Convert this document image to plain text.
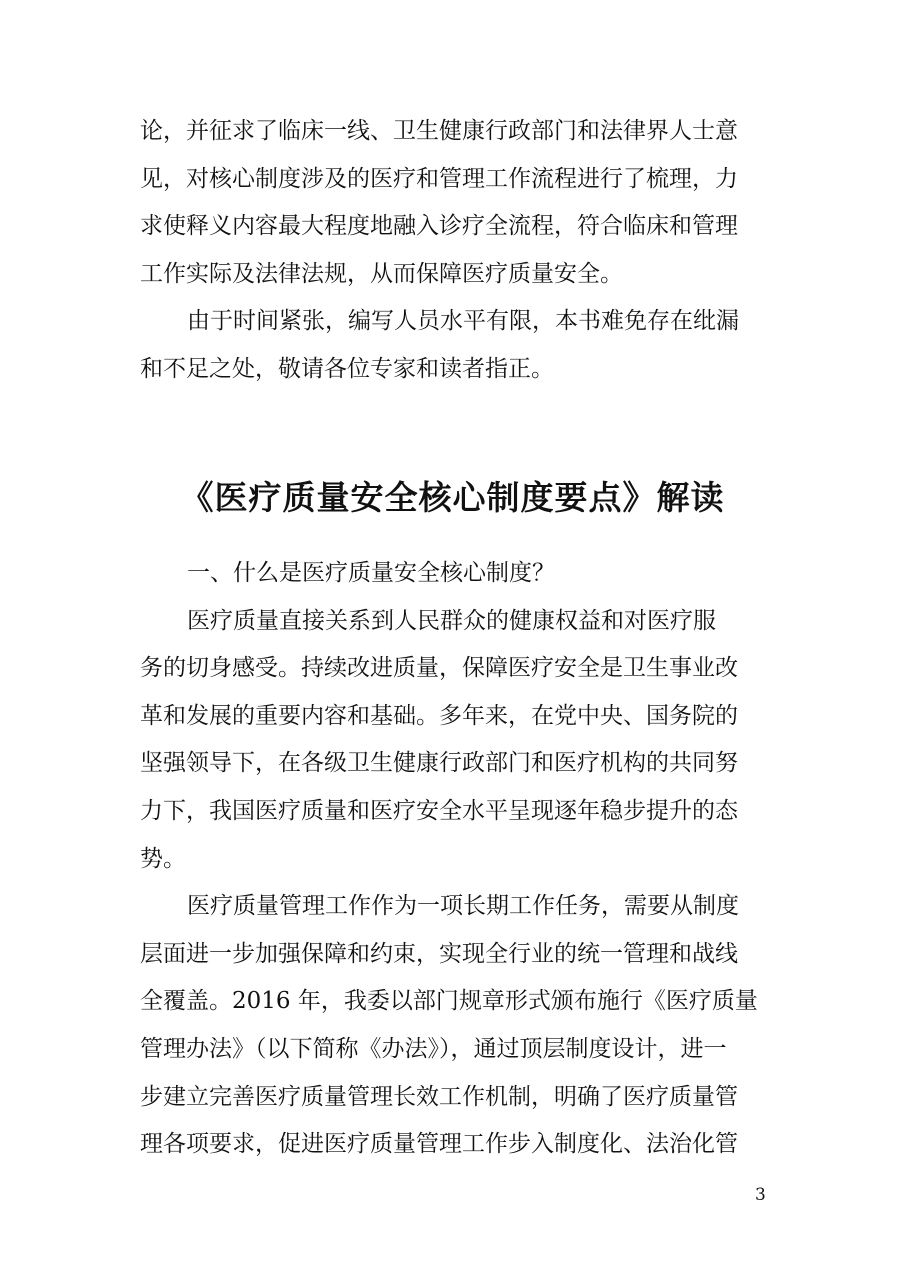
论，并征求了临床一线、卫生健康行政部门和法律界人士意
见，对核心制度涉及的医疗和管理工作流程进行了梳理，力
求使释义内容最大程度地融入诊疗全流程，符合临床和管理
工作实际及法律法规，从而保障医疗质量安全。
由于时间紧张，编写人员水平有限，本书难免存在纰漏
和不足之处，敬请各位专家和读者指正。
《医疗质量安全核心制度要点》解读
一、什么是医疗质量安全核心制度？
医疗质量直接关系到人民群众的健康权益和对医疗服
务的切身感受。持续改进质量，保障医疗安全是卫生事业改
革和发展的重要内容和基础。多年来，在党中央、国务院的
坚强领导下，在各级卫生健康行政部门和医疗机构的共同努
力下，我国医疗质量和医疗安全水平呈现逐年稳步提升的态
势。
医疗质量管理工作作为一项长期工作任务，需要从制度
层面进一步加强保障和约束，实现全行业的统一管理和战线
全覆盖。2016 年，我委以部门规章形式颁布施行《医疗质量
管理办法》（以下简称《办法》），通过顶层制度设计，进一
步建立完善医疗质量管理长效工作机制，明确了医疗质量管
理各项要求，促进医疗质量管理工作步入制度化、法治化管
3
